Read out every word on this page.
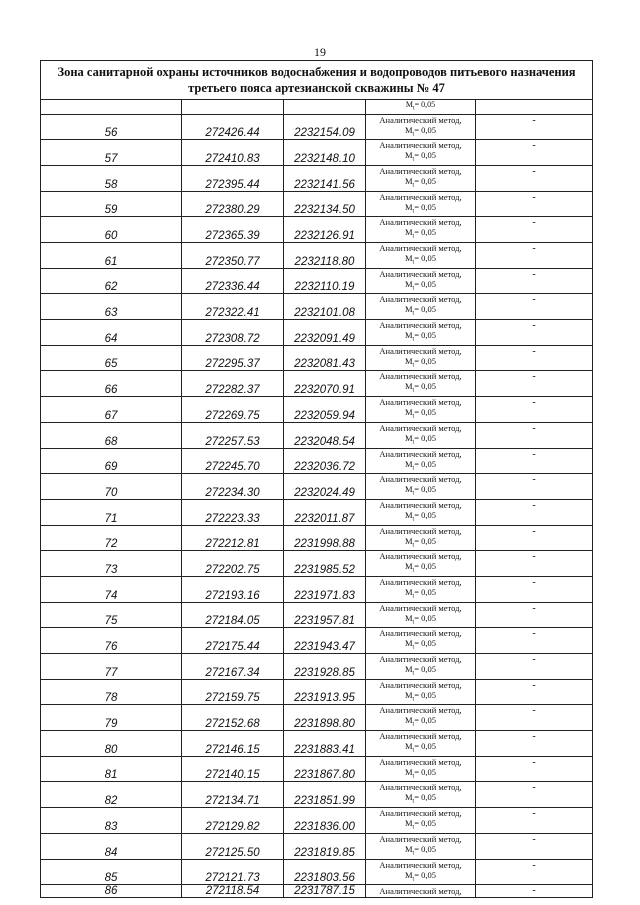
19
Зона санитарной охраны источников водоснабжения и водопроводов питьевого назначения
третьего пояса артезианской скважины № 47				
			$M_t= 0,05$	
56	272426.44	2232154.09	Аналитический метод,
$M_t= 0,05$	-
57	272410.83	2232148.10	Аналитический метод,
$M_t= 0,05$	-
58	272395.44	2232141.56	Аналитический метод,
$M_t= 0,05$	-
59	272380.29	2232134.50	Аналитический метод,
$M_t= 0,05$	-
60	272365.39	2232126.91	Аналитический метод,
$M_t= 0,05$	-
61	272350.77	2232118.80	Аналитический метод,
$M_t= 0,05$	-
62	272336.44	2232110.19	Аналитический метод,
$M_t= 0,05$	-
63	272322.41	2232101.08	Аналитический метод,
$M_t= 0,05$	-
64	272308.72	2232091.49	Аналитический метод,
$M_t= 0,05$	-
65	272295.37	2232081.43	Аналитический метод,
$M_t= 0,05$	-
66	272282.37	2232070.91	Аналитический метод,
$M_t= 0,05$	-
67	272269.75	2232059.94	Аналитический метод,
$M_t= 0,05$	-
68	272257.53	2232048.54	Аналитический метод,
$M_t= 0,05$	-
69	272245.70	2232036.72	Аналитический метод,
$M_t= 0,05$	-
70	272234.30	2232024.49	Аналитический метод,
$M_t= 0,05$	-
71	272223.33	2232011.87	Аналитический метод,
$M_t= 0,05$	-
72	272212.81	2231998.88	Аналитический метод,
$M_t= 0,05$	-
73	272202.75	2231985.52	Аналитический метод,
$M_t= 0,05$	-
74	272193.16	2231971.83	Аналитический метод,
$M_t= 0,05$	-
75	272184.05	2231957.81	Аналитический метод,
$M_t= 0,05$	-
76	272175.44	2231943.47	Аналитический метод,
$M_t= 0,05$	-
77	272167.34	2231928.85	Аналитический метод,
$M_t= 0,05$	-
78	272159.75	2231913.95	Аналитический метод,
$M_t= 0,05$	-
79	272152.68	2231898.80	Аналитический метод,
$M_t= 0,05$	-
80	272146.15	2231883.41	Аналитический метод,
$M_t= 0,05$	-
81	272140.15	2231867.80	Аналитический метод,
$M_t= 0,05$	-
82	272134.71	2231851.99	Аналитический метод,
$M_t= 0,05$	-
83	272129.82	2231836.00	Аналитический метод,
$M_t= 0,05$	-
84	272125.50	2231819.85	Аналитический метод,
$M_t= 0,05$	-
85	272121.73	2231803.56	Аналитический метод,
$M_t= 0,05$	-
86	272118.54	2231787.15	Аналитический метод,	-
